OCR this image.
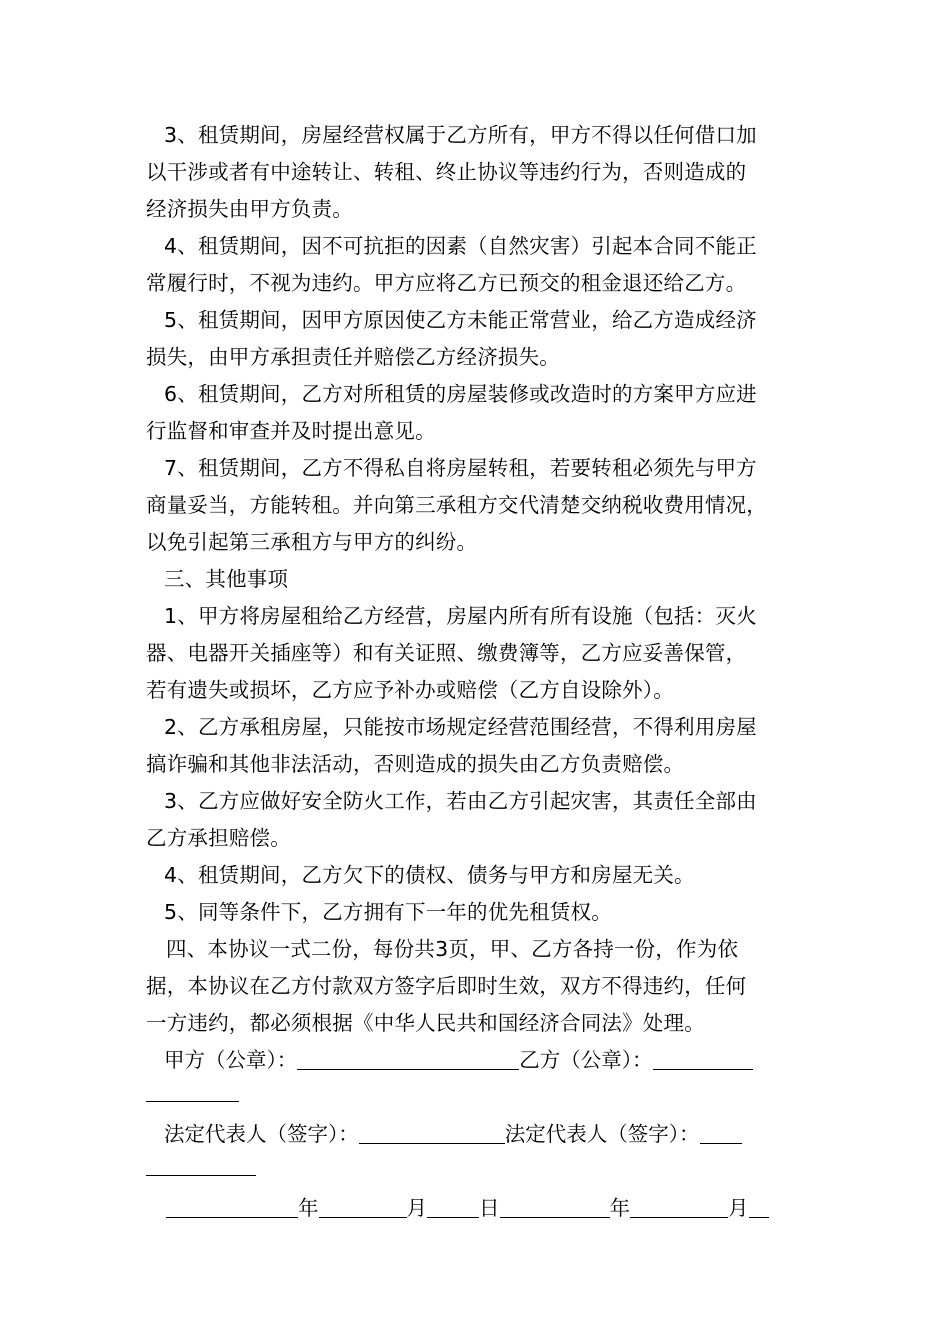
3、租赁期间，房屋经营权属于乙方所有，甲方不得以任何借口加
以干涉或者有中途转让、转租、终止协议等违约行为，否则造成的
经济损失由甲方负责。
4、租赁期间，因不可抗拒的因素（自然灾害）引起本合同不能正
常履行时，不视为违约。甲方应将乙方已预交的租金退还给乙方。
5、租赁期间，因甲方原因使乙方未能正常营业，给乙方造成经济
损失，由甲方承担责任并赔偿乙方经济损失。
6、租赁期间，乙方对所租赁的房屋装修或改造时的方案甲方应进
行监督和审查并及时提出意见。
7、租赁期间，乙方不得私自将房屋转租，若要转租必须先与甲方
商量妥当，方能转租。并向第三承租方交代清楚交纳税收费用情况，
以免引起第三承租方与甲方的纠纷。
三、其他事项
1、甲方将房屋租给乙方经营，房屋内所有所有设施（包括：灭火
器、电器开关插座等）和有关证照、缴费簿等，乙方应妥善保管，
若有遗失或损坏，乙方应予补办或赔偿（乙方自设除外）。
2、乙方承租房屋，只能按市场规定经营范围经营，不得利用房屋
搞诈骗和其他非法活动，否则造成的损失由乙方负责赔偿。
3、乙方应做好安全防火工作，若由乙方引起灾害，其责任全部由
乙方承担赔偿。
4、租赁期间，乙方欠下的债权、债务与甲方和房屋无关。
5、同等条件下，乙方拥有下一年的优先租赁权。
四、本协议一式二份，每份共3页，甲、乙方各持一份，作为依
据，本协议在乙方付款双方签字后即时生效，双方不得违约，任何
一方违约，都必须根据《中华人民共和国经济合同法》处理。
甲方（公章）：	乙方（公章）：
法定代表人（签字）：	法定代表人（签字）：
年	月	日	年	月
